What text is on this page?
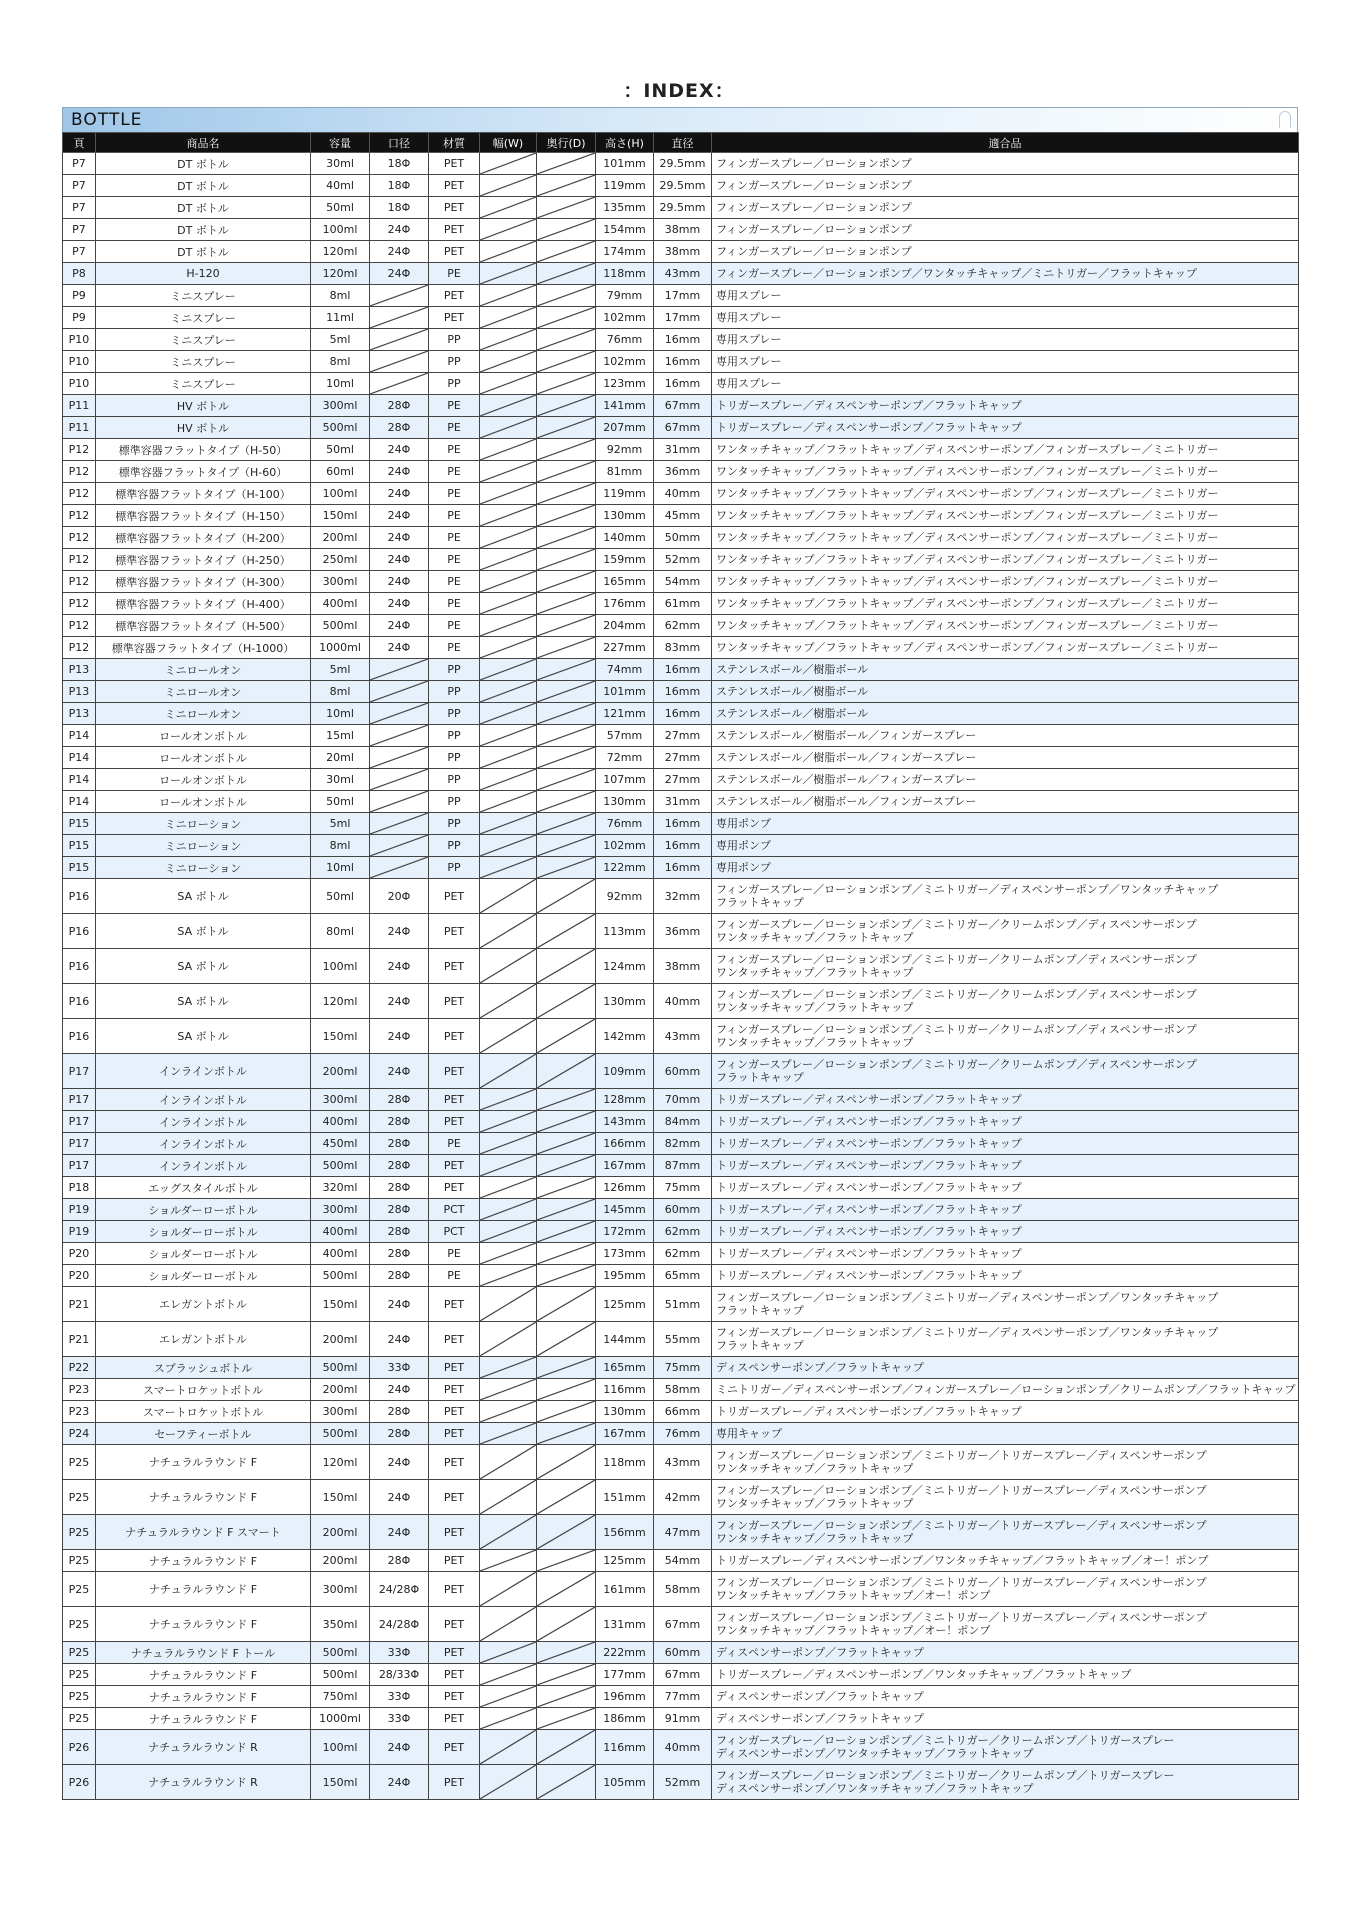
：INDEX：
BOTTLE
頁	商品名	容量	口径	材質	幅(W)	奥行(D)	高さ(H)	直径	適合品
P7	DT ボトル	30ml	18Φ	PET			101mm	29.5mm	フィンガースプレー／ローションポンプ

P7	DT ボトル	40ml	18Φ	PET			119mm	29.5mm	フィンガースプレー／ローションポンプ

P7	DT ボトル	50ml	18Φ	PET			135mm	29.5mm	フィンガースプレー／ローションポンプ

P7	DT ボトル	100ml	24Φ	PET			154mm	38mm	フィンガースプレー／ローションポンプ

P7	DT ボトル	120ml	24Φ	PET			174mm	38mm	フィンガースプレー／ローションポンプ

P8	H-120	120ml	24Φ	PE			118mm	43mm	フィンガースプレー／ローションポンプ／ワンタッチキャップ／ミニトリガー／フラットキャップ

P9	ミニスプレー	8ml		PET			79mm	17mm	専用スプレー

P9	ミニスプレー	11ml		PET			102mm	17mm	専用スプレー

P10	ミニスプレー	5ml		PP			76mm	16mm	専用スプレー

P10	ミニスプレー	8ml		PP			102mm	16mm	専用スプレー

P10	ミニスプレー	10ml		PP			123mm	16mm	専用スプレー

P11	HV ボトル	300ml	28Φ	PE			141mm	67mm	トリガースプレー／ディスペンサーポンプ／フラットキャップ

P11	HV ボトル	500ml	28Φ	PE			207mm	67mm	トリガースプレー／ディスペンサーポンプ／フラットキャップ

P12	標準容器フラットタイプ（H-50）	50ml	24Φ	PE			92mm	31mm	ワンタッチキャップ／フラットキャップ／ディスペンサーポンプ／フィンガースプレー／ミニトリガー

P12	標準容器フラットタイプ（H-60）	60ml	24Φ	PE			81mm	36mm	ワンタッチキャップ／フラットキャップ／ディスペンサーポンプ／フィンガースプレー／ミニトリガー

P12	標準容器フラットタイプ（H-100）	100ml	24Φ	PE			119mm	40mm	ワンタッチキャップ／フラットキャップ／ディスペンサーポンプ／フィンガースプレー／ミニトリガー

P12	標準容器フラットタイプ（H-150）	150ml	24Φ	PE			130mm	45mm	ワンタッチキャップ／フラットキャップ／ディスペンサーポンプ／フィンガースプレー／ミニトリガー

P12	標準容器フラットタイプ（H-200）	200ml	24Φ	PE			140mm	50mm	ワンタッチキャップ／フラットキャップ／ディスペンサーポンプ／フィンガースプレー／ミニトリガー

P12	標準容器フラットタイプ（H-250）	250ml	24Φ	PE			159mm	52mm	ワンタッチキャップ／フラットキャップ／ディスペンサーポンプ／フィンガースプレー／ミニトリガー

P12	標準容器フラットタイプ（H-300）	300ml	24Φ	PE			165mm	54mm	ワンタッチキャップ／フラットキャップ／ディスペンサーポンプ／フィンガースプレー／ミニトリガー

P12	標準容器フラットタイプ（H-400）	400ml	24Φ	PE			176mm	61mm	ワンタッチキャップ／フラットキャップ／ディスペンサーポンプ／フィンガースプレー／ミニトリガー

P12	標準容器フラットタイプ（H-500）	500ml	24Φ	PE			204mm	62mm	ワンタッチキャップ／フラットキャップ／ディスペンサーポンプ／フィンガースプレー／ミニトリガー

P12	標準容器フラットタイプ（H-1000）	1000ml	24Φ	PE			227mm	83mm	ワンタッチキャップ／フラットキャップ／ディスペンサーポンプ／フィンガースプレー／ミニトリガー

P13	ミニロールオン	5ml		PP			74mm	16mm	ステンレスボール／樹脂ボール

P13	ミニロールオン	8ml		PP			101mm	16mm	ステンレスボール／樹脂ボール

P13	ミニロールオン	10ml		PP			121mm	16mm	ステンレスボール／樹脂ボール

P14	ロールオンボトル	15ml		PP			57mm	27mm	ステンレスボール／樹脂ボール／フィンガースプレー

P14	ロールオンボトル	20ml		PP			72mm	27mm	ステンレスボール／樹脂ボール／フィンガースプレー

P14	ロールオンボトル	30ml		PP			107mm	27mm	ステンレスボール／樹脂ボール／フィンガースプレー

P14	ロールオンボトル	50ml		PP			130mm	31mm	ステンレスボール／樹脂ボール／フィンガースプレー

P15	ミニローション	5ml		PP			76mm	16mm	専用ポンプ

P15	ミニローション	8ml		PP			102mm	16mm	専用ポンプ

P15	ミニローション	10ml		PP			122mm	16mm	専用ポンプ

P16	SA ボトル	50ml	20Φ	PET			92mm	32mm	フィンガースプレー／ローションポンプ／ミニトリガー／ディスペンサーポンプ／ワンタッチキャップ
フラットキャップ

P16	SA ボトル	80ml	24Φ	PET			113mm	36mm	フィンガースプレー／ローションポンプ／ミニトリガー／クリームポンプ／ディスペンサーポンプ
ワンタッチキャップ／フラットキャップ

P16	SA ボトル	100ml	24Φ	PET			124mm	38mm	フィンガースプレー／ローションポンプ／ミニトリガー／クリームポンプ／ディスペンサーポンプ
ワンタッチキャップ／フラットキャップ

P16	SA ボトル	120ml	24Φ	PET			130mm	40mm	フィンガースプレー／ローションポンプ／ミニトリガー／クリームポンプ／ディスペンサーポンプ
ワンタッチキャップ／フラットキャップ

P16	SA ボトル	150ml	24Φ	PET			142mm	43mm	フィンガースプレー／ローションポンプ／ミニトリガー／クリームポンプ／ディスペンサーポンプ
ワンタッチキャップ／フラットキャップ

P17	インラインボトル	200ml	24Φ	PET			109mm	60mm	フィンガースプレー／ローションポンプ／ミニトリガー／クリームポンプ／ディスペンサーポンプ
フラットキャップ

P17	インラインボトル	300ml	28Φ	PET			128mm	70mm	トリガースプレー／ディスペンサーポンプ／フラットキャップ

P17	インラインボトル	400ml	28Φ	PET			143mm	84mm	トリガースプレー／ディスペンサーポンプ／フラットキャップ

P17	インラインボトル	450ml	28Φ	PE			166mm	82mm	トリガースプレー／ディスペンサーポンプ／フラットキャップ

P17	インラインボトル	500ml	28Φ	PET			167mm	87mm	トリガースプレー／ディスペンサーポンプ／フラットキャップ

P18	エッグスタイルボトル	320ml	28Φ	PET			126mm	75mm	トリガースプレー／ディスペンサーポンプ／フラットキャップ

P19	ショルダーローボトル	300ml	28Φ	PCT			145mm	60mm	トリガースプレー／ディスペンサーポンプ／フラットキャップ

P19	ショルダーローボトル	400ml	28Φ	PCT			172mm	62mm	トリガースプレー／ディスペンサーポンプ／フラットキャップ

P20	ショルダーローボトル	400ml	28Φ	PE			173mm	62mm	トリガースプレー／ディスペンサーポンプ／フラットキャップ

P20	ショルダーローボトル	500ml	28Φ	PE			195mm	65mm	トリガースプレー／ディスペンサーポンプ／フラットキャップ

P21	エレガントボトル	150ml	24Φ	PET			125mm	51mm	フィンガースプレー／ローションポンプ／ミニトリガー／ディスペンサーポンプ／ワンタッチキャップ
フラットキャップ

P21	エレガントボトル	200ml	24Φ	PET			144mm	55mm	フィンガースプレー／ローションポンプ／ミニトリガー／ディスペンサーポンプ／ワンタッチキャップ
フラットキャップ

P22	スプラッシュボトル	500ml	33Φ	PET			165mm	75mm	ディスペンサーポンプ／フラットキャップ

P23	スマートロケットボトル	200ml	24Φ	PET			116mm	58mm	ミニトリガー／ディスペンサーポンプ／フィンガースプレー／ローションポンプ／クリームポンプ／フラットキャップ

P23	スマートロケットボトル	300ml	28Φ	PET			130mm	66mm	トリガースプレー／ディスペンサーポンプ／フラットキャップ

P24	セーフティーボトル	500ml	28Φ	PET			167mm	76mm	専用キャップ

P25	ナチュラルラウンド F	120ml	24Φ	PET			118mm	43mm	フィンガースプレー／ローションポンプ／ミニトリガー／トリガースプレー／ディスペンサーポンプ
ワンタッチキャップ／フラットキャップ

P25	ナチュラルラウンド F	150ml	24Φ	PET			151mm	42mm	フィンガースプレー／ローションポンプ／ミニトリガー／トリガースプレー／ディスペンサーポンプ
ワンタッチキャップ／フラットキャップ

P25	ナチュラルラウンド F スマート	200ml	24Φ	PET			156mm	47mm	フィンガースプレー／ローションポンプ／ミニトリガー／トリガースプレー／ディスペンサーポンプ
ワンタッチキャップ／フラットキャップ

P25	ナチュラルラウンド F	200ml	28Φ	PET			125mm	54mm	トリガースプレー／ディスペンサーポンプ／ワンタッチキャップ／フラットキャップ／オー！ポンプ

P25	ナチュラルラウンド F	300ml	24/28Φ	PET			161mm	58mm	フィンガースプレー／ローションポンプ／ミニトリガー／トリガースプレー／ディスペンサーポンプ
ワンタッチキャップ／フラットキャップ／オー！ポンプ

P25	ナチュラルラウンド F	350ml	24/28Φ	PET			131mm	67mm	フィンガースプレー／ローションポンプ／ミニトリガー／トリガースプレー／ディスペンサーポンプ
ワンタッチキャップ／フラットキャップ／オー！ポンプ

P25	ナチュラルラウンド F トール	500ml	33Φ	PET			222mm	60mm	ディスペンサーポンプ／フラットキャップ

P25	ナチュラルラウンド F	500ml	28/33Φ	PET			177mm	67mm	トリガースプレー／ディスペンサーポンプ／ワンタッチキャップ／フラットキャップ

P25	ナチュラルラウンド F	750ml	33Φ	PET			196mm	77mm	ディスペンサーポンプ／フラットキャップ

P25	ナチュラルラウンド F	1000ml	33Φ	PET			186mm	91mm	ディスペンサーポンプ／フラットキャップ

P26	ナチュラルラウンド R	100ml	24Φ	PET			116mm	40mm	フィンガースプレー／ローションポンプ／ミニトリガー／クリームポンプ／トリガースプレー
ディスペンサーポンプ／ワンタッチキャップ／フラットキャップ

P26	ナチュラルラウンド R	150ml	24Φ	PET			105mm	52mm	フィンガースプレー／ローションポンプ／ミニトリガー／クリームポンプ／トリガースプレー
ディスペンサーポンプ／ワンタッチキャップ／フラットキャップ
